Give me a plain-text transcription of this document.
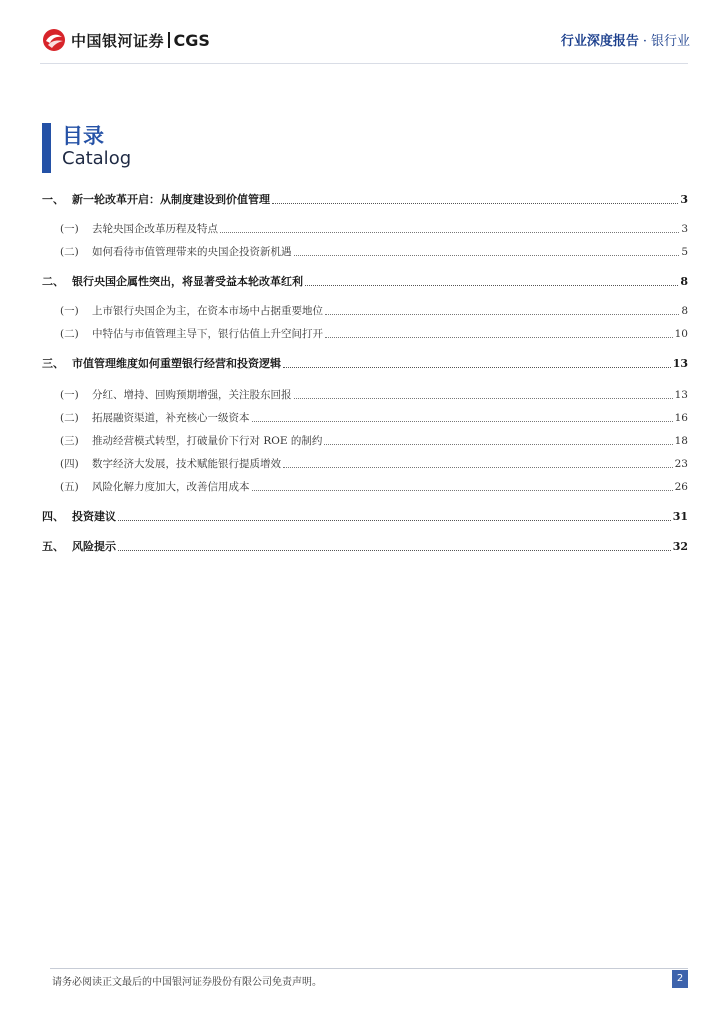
中国银河证券 CGS	行业深度报告 · 银行业
目录
Catalog
一、 新一轮改革开启：从制度建设到价值管理	3
(一)	去轮央国企改革历程及特点	3
(二)	如何看待市值管理带来的央国企投资新机遇	5
二、 银行央国企属性突出，将显著受益本轮改革红利	8
(一)	上市银行央国企为主，在资本市场中占据重要地位	8
(二)	中特估与市值管理主导下，银行估值上升空间打开	10
三、 市值管理维度如何重塑银行经营和投资逻辑	13
(一)	分红、增持、回购预期增强，关注股东回报	13
(二)	拓展融资渠道，补充核心一级资本	16
(三)	推动经营模式转型，打破量价下行对 ROE 的制约	18
(四)	数字经济大发展，技术赋能银行提质增效	23
(五)	风险化解力度加大，改善信用成本	26
四、 投资建议	31
五、 风险提示	32
请务必阅读正文最后的中国银河证券股份有限公司免责声明。	2
